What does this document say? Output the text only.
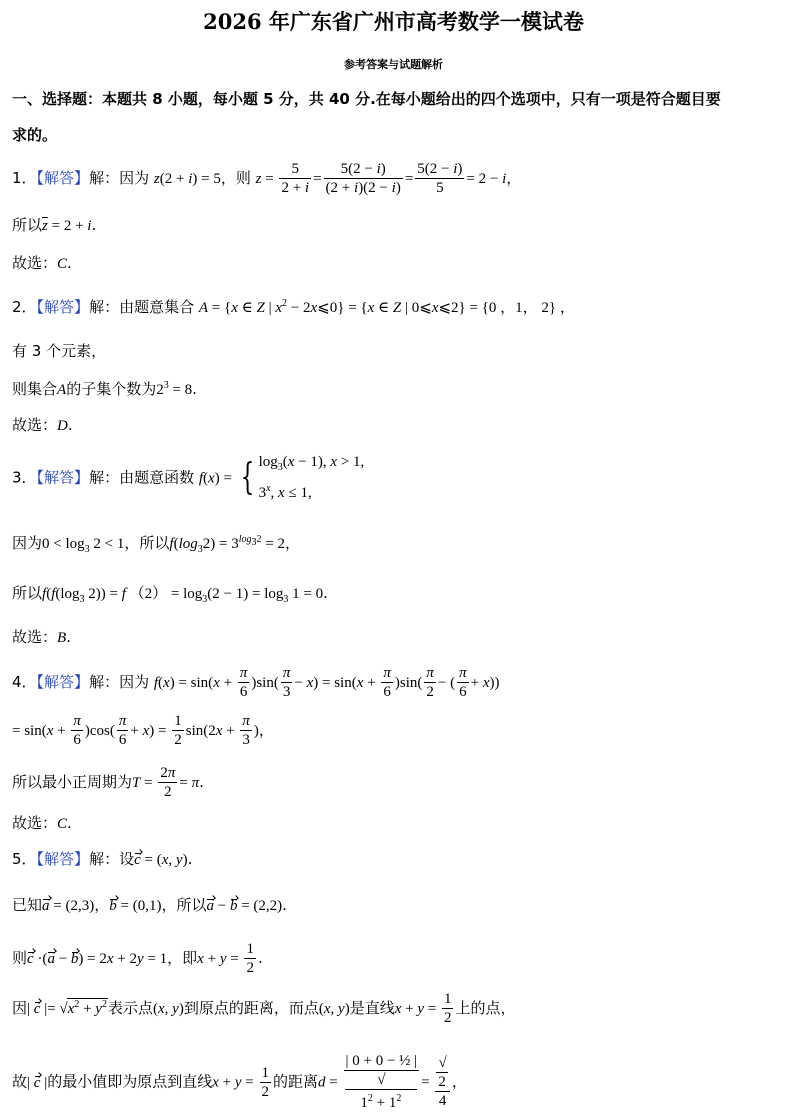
2026 年广东省广州市高考数学一模试卷
参考答案与试题解析
一、选择题：本题共 8 小题，每小题 5 分，共 40 分.在每小题给出的四个选项中，只有一项是符合题目要
求的。
1．【解答】解：因为 z(2 + i) = 5，则 $z = \frac{5}{2 + i} = \frac{5(2 - i)}{(2 + i)(2 - i)} = \frac{5(2 - i)}{5} = 2 - i$，
所以$\overline{z} = 2 + i$.
故选：C.
2．【解答】解：由题意集合 A = {x ∈ Z | $x^2$ − 2x⩽0} = {x ∈ Z | 0⩽x⩽2} = {0 ，1， 2} ，
有 3 个元素，
则集合A的子集个数为$2^3 = 8$.
故选：D.
3．【解答】解：由题意函数 f(x) = { $\log_3(x - 1)$, x > 1,
3$^x$, x ≤ 1,
因为$0 < \log_3 2 < 1$，所以$f(\log_32) = 3^{log_32} = 2$，
所以$f(f(\log_3$ 2)) = f $(2) = \log_3(2 - 1) = \log_3 1 = 0$.
故选：B.
4．【解答】解：因为 $f(x) = \sin(x + \frac{\pi}{6} )\sin( \frac{\pi}{3} - x) = \sin(x + \frac{\pi}{6} )\sin( \frac{\pi}{2}$ − ( $\frac{\pi}{6} + x$))
= $\sin(x + \frac{\pi}{6} )\cos( \frac{\pi}{6} + x) = \frac{1}{2} \sin(2x + \frac{\pi}{3}$ )，
所以最小正周期为$T = \frac{2\pi}{2} = \pi$.
故选：C.
5．【解答】解：设c = (x, y).
已知a = (2,3)，b = (0,1)，所以a − b = (2,2).
则c ·(a − b) = 2x + 2y = 1，即$x + y = \frac{1}{2}$ .
因| c |= $√x^2 + y^2$表示点(x, y)到原点的距离，而点(x, y)是直线$x + y = \frac{1}{2}$ 上的点，
故| c |的最小值即为原点到直线$x + y = \frac{1}{2}$ 的距离d = | 0 + 0 − ½ |
√
$1^2 + 1^2$ = √
2
4 ，
